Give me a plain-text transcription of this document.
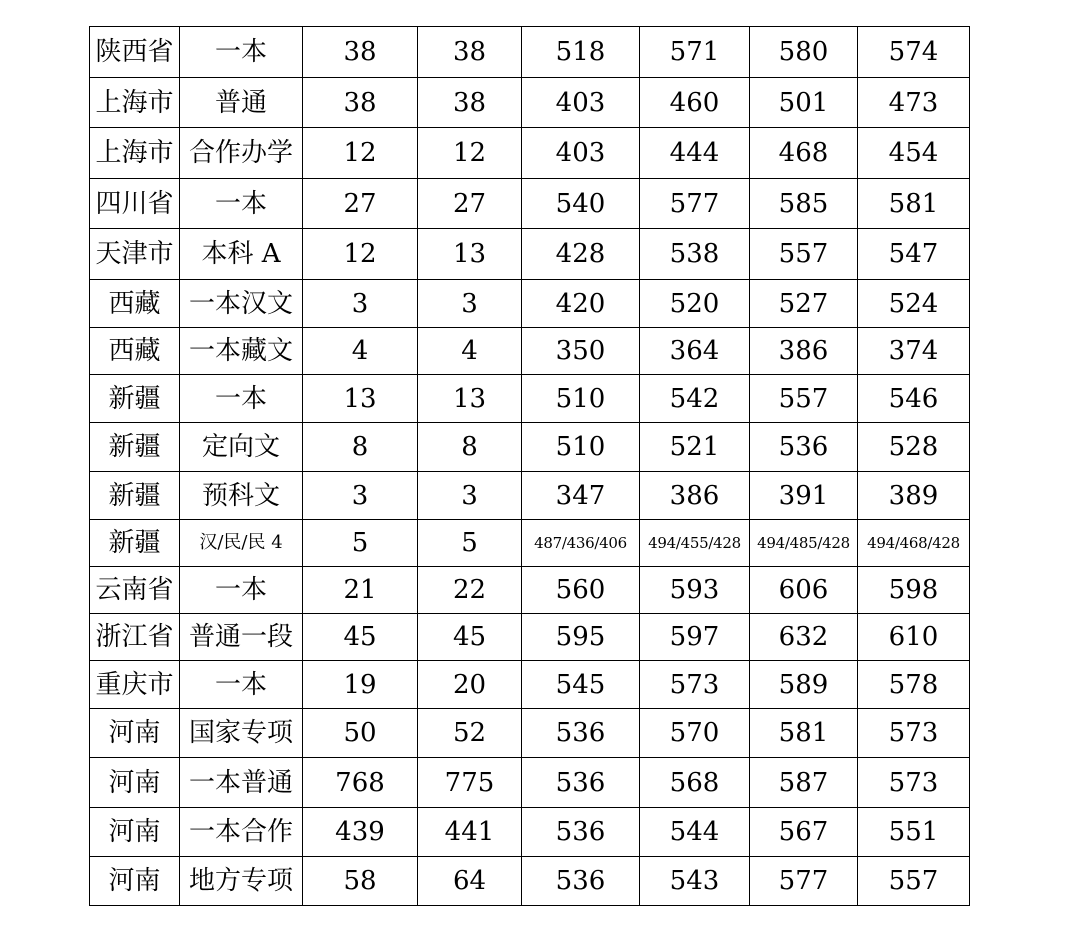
陕西省	一本	38	38	518	571	580	574
上海市	普通	38	38	403	460	501	473
上海市	合作办学	12	12	403	444	468	454
四川省	一本	27	27	540	577	585	581
天津市	本科 A	12	13	428	538	557	547
西藏	一本汉文	3	3	420	520	527	524
西藏	一本藏文	4	4	350	364	386	374
新疆	一本	13	13	510	542	557	546
新疆	定向文	8	8	510	521	536	528
新疆	预科文	3	3	347	386	391	389
新疆	汉/民/民 4	5	5	487/436/406	494/455/428	494/485/428	494/468/428
云南省	一本	21	22	560	593	606	598
浙江省	普通一段	45	45	595	597	632	610
重庆市	一本	19	20	545	573	589	578
河南	国家专项	50	52	536	570	581	573
河南	一本普通	768	775	536	568	587	573
河南	一本合作	439	441	536	544	567	551
河南	地方专项	58	64	536	543	577	557
